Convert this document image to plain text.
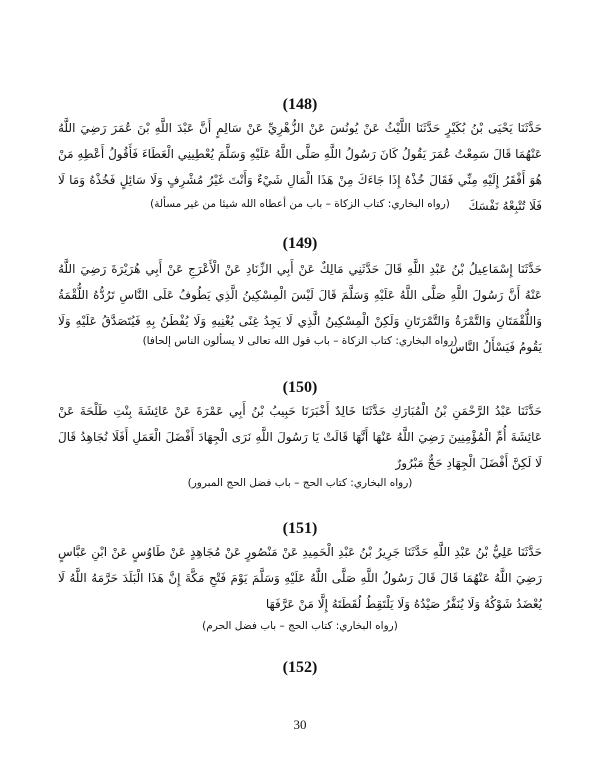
(148)
حَدَّثَنَا يَحْيَى بْنُ بُكَيْرٍ حَدَّثَنَا اللَّيْثُ عَنْ يُونُسَ عَنْ الزُّهْرِيِّ عَنْ سَالِمٍ أَنَّ عَبْدَ اللَّهِ بْنَ عُمَرَ رَضِيَ اللَّهُ عَنْهُمَا قَالَ سَمِعْتُ عُمَرَ يَقُولُ كَانَ رَسُولُ اللَّهِ صَلَّى اللَّهُ عَلَيْهِ وَسَلَّمَ يُعْطِينِي الْعَطَاءَ فَأَقُولُ أَعْطِهِ مَنْ هُوَ أَفْقَرُ إِلَيْهِ مِنِّي فَقَالَ خُذْهُ إِذَا جَاءَكَ مِنْ هَذَا الْمَالِ شَيْءٌ وَأَنْتَ غَيْرُ مُشْرِفٍ وَلَا سَائِلٍ فَخُذْهُ وَمَا لَا فَلَا تُتْبِعْهُ نَفْسَكَ
(رواه البخاري: كتاب الزكاة – باب من أعطاه الله شيئا من غير مسألة)
(149)
حَدَّثَنَا إِسْمَاعِيلُ بْنُ عَبْدِ اللَّهِ قَالَ حَدَّثَنِي مَالِكٌ عَنْ أَبِي الزِّنَادِ عَنْ الْأَعْرَجِ عَنْ أَبِي هُرَيْرَةَ رَضِيَ اللَّهُ عَنْهُ أَنَّ رَسُولَ اللَّهِ صَلَّى اللَّهُ عَلَيْهِ وَسَلَّمَ قَالَ لَيْسَ الْمِسْكِينُ الَّذِي يَطُوفُ عَلَى النَّاسِ تَرُدُّهُ اللُّقْمَةُ وَاللُّقْمَتَانِ وَالتَّمْرَةُ وَالتَّمْرَتَانِ وَلَكِنْ الْمِسْكِينُ الَّذِي لَا يَجِدُ غِنًى يُغْنِيهِ وَلَا يُفْطَنُ بِهِ فَيُتَصَدَّقُ عَلَيْهِ وَلَا يَقُومُ فَيَسْأَلُ النَّاسَ
(رواه البخاري: كتاب الزكاة – باب قول الله تعالى لا يسألون الناس إلحافا)
(150)
حَدَّثَنَا عَبْدُ الرَّحْمَنِ بْنُ الْمُبَارَكِ حَدَّثَنَا خَالِدٌ أَخْبَرَنَا حَبِيبُ بْنُ أَبِي عَمْرَةَ عَنْ عَائِشَةَ بِنْتِ طَلْحَةَ عَنْ عَائِشَةَ أُمِّ الْمُؤْمِنِينَ رَضِيَ اللَّهُ عَنْهَا أَنَّهَا قَالَتْ يَا رَسُولَ اللَّهِ نَرَى الْجِهَادَ أَفْضَلَ الْعَمَلِ أَفَلَا نُجَاهِدُ قَالَ لَا لَكِنَّ أَفْضَلَ الْجِهَادِ حَجٌّ مَبْرُورٌ
(رواه البخاري: كتاب الحج – باب فضل الحج المبرور)
(151)
حَدَّثَنَا عَلِيُّ بْنُ عَبْدِ اللَّهِ حَدَّثَنَا جَرِيرُ بْنُ عَبْدِ الْحَمِيدِ عَنْ مَنْصُورٍ عَنْ مُجَاهِدٍ عَنْ طَاوُسٍ عَنْ ابْنِ عَبَّاسٍ رَضِيَ اللَّهُ عَنْهُمَا قَالَ قَالَ رَسُولُ اللَّهِ صَلَّى اللَّهُ عَلَيْهِ وَسَلَّمَ يَوْمَ فَتْحِ مَكَّةَ إِنَّ هَذَا الْبَلَدَ حَرَّمَهُ اللَّهُ لَا يُعْضَدُ شَوْكُهُ وَلَا يُنَفَّرُ صَيْدُهُ وَلَا يَلْتَقِطُ لُقَطَتَهُ إِلَّا مَنْ عَرَّفَهَا
(رواه البخاري: كتاب الحج – باب فضل الحرم)
(152)
30
